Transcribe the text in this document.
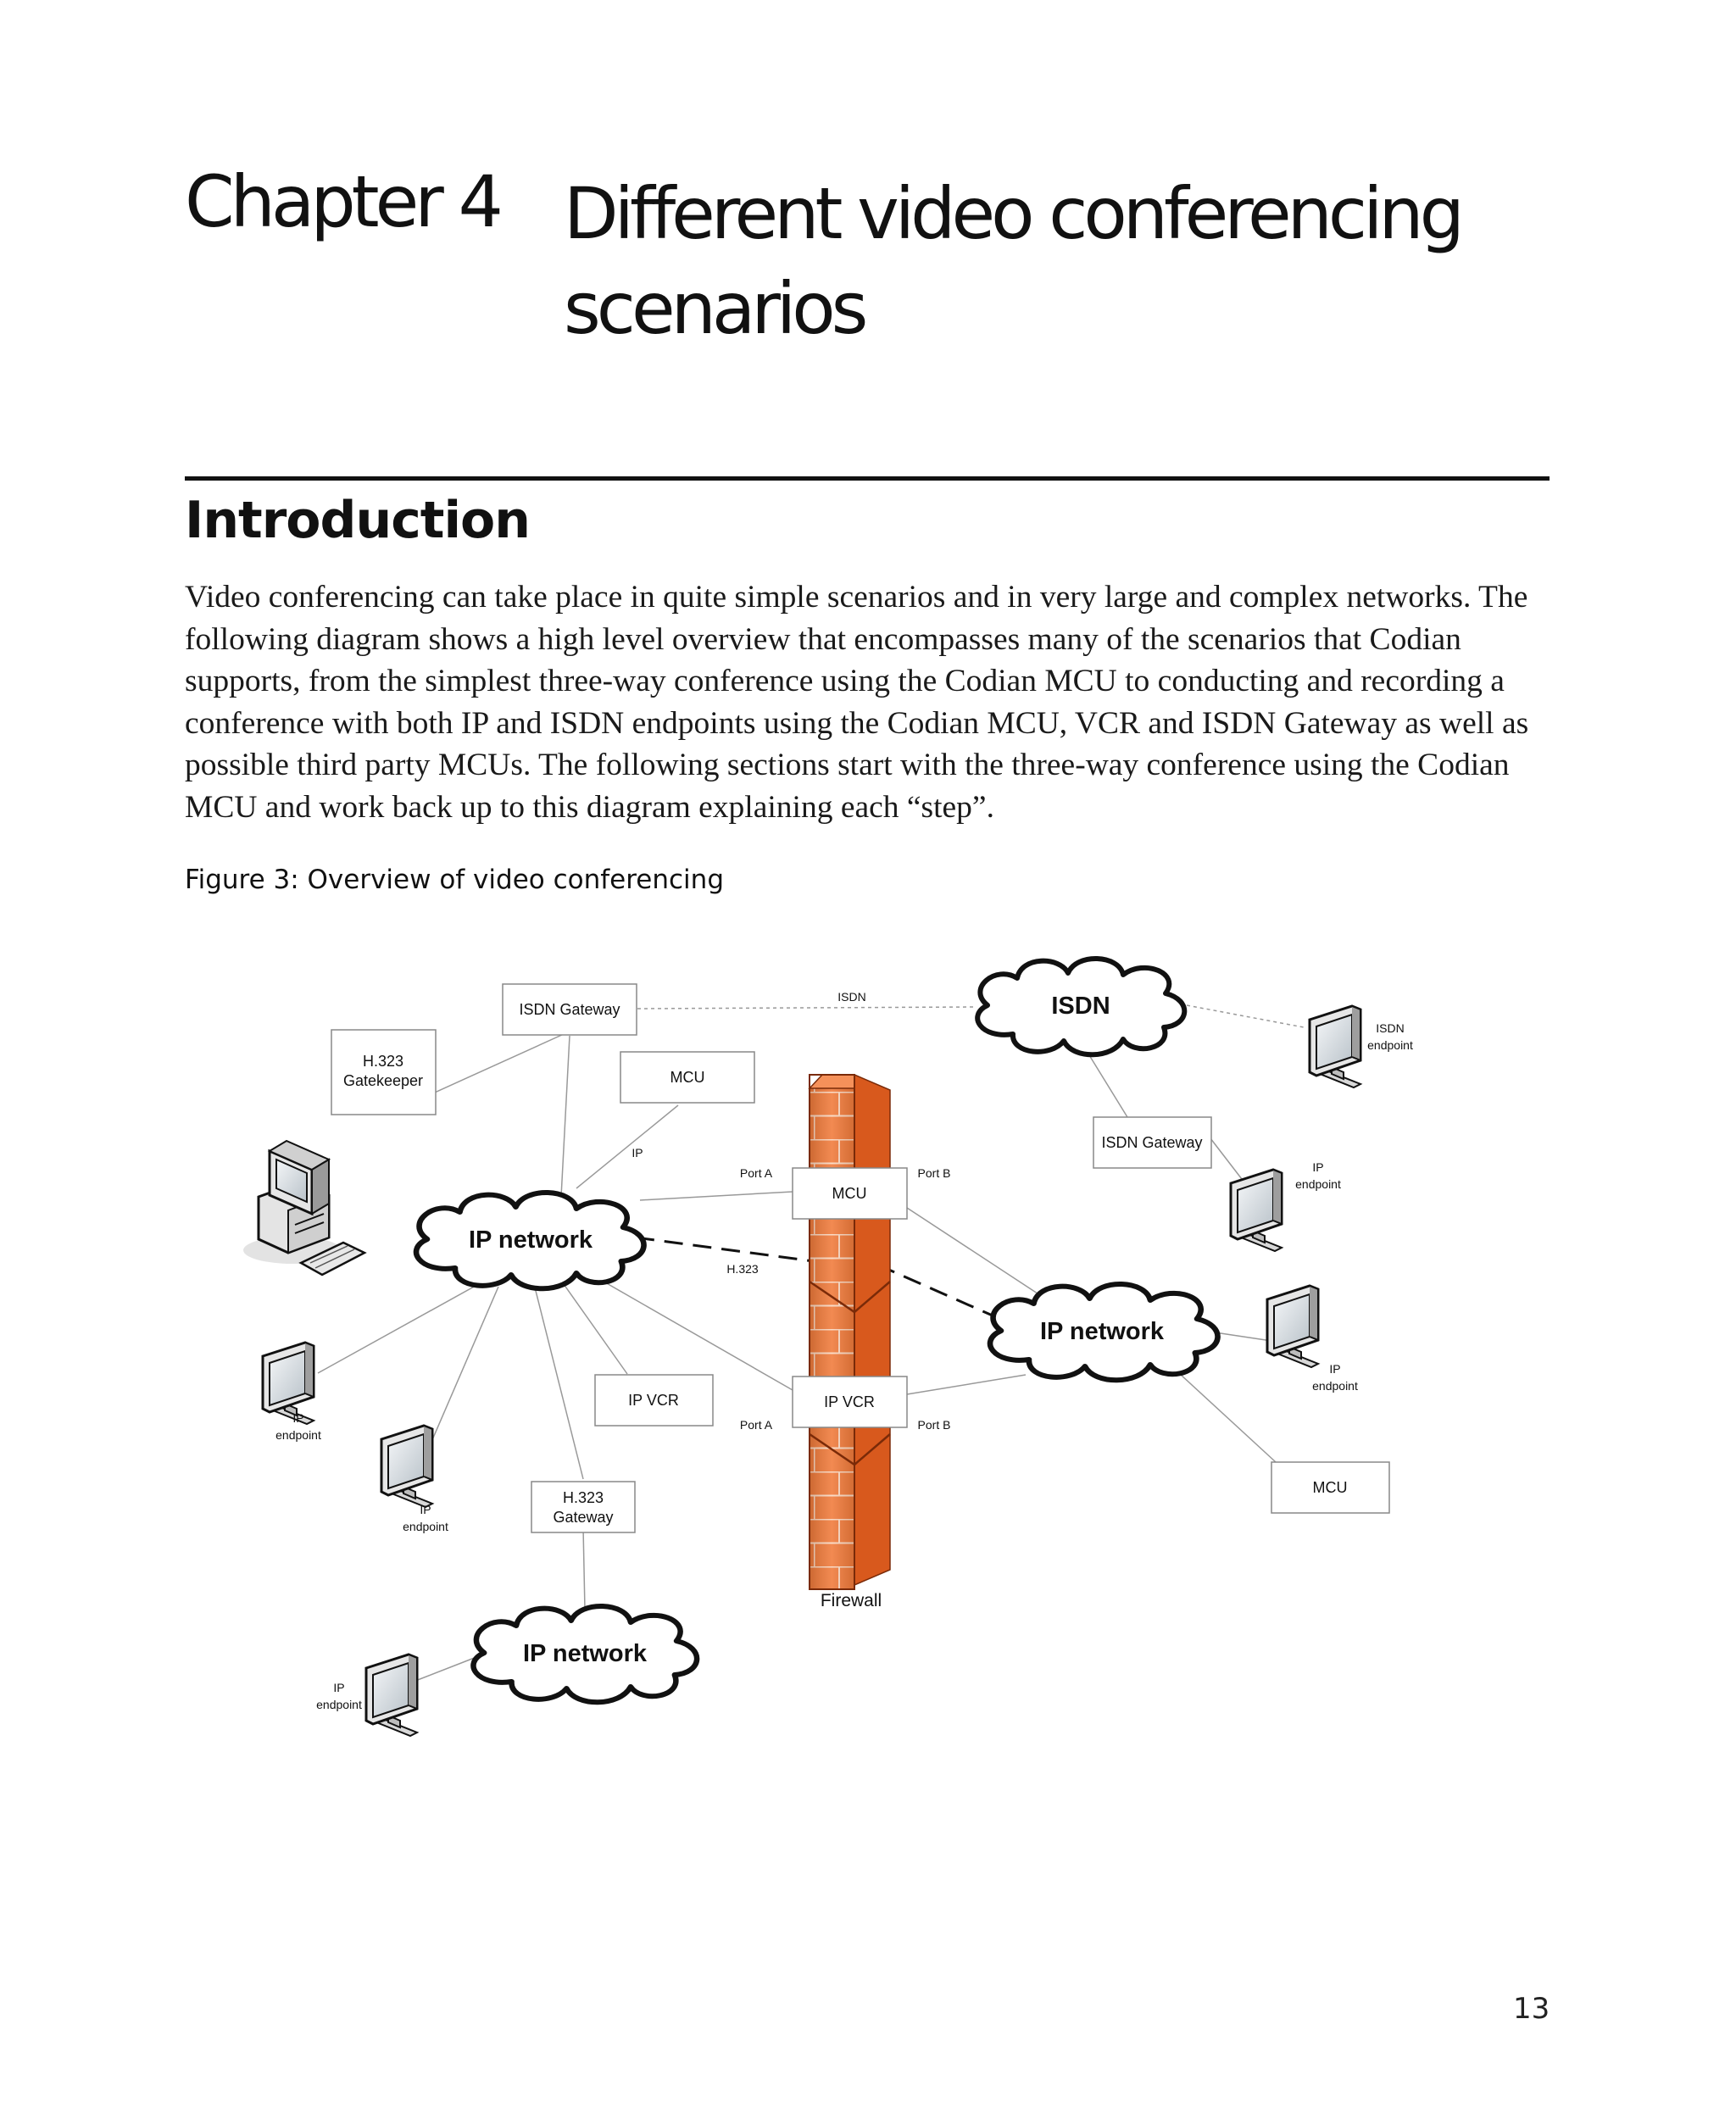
Chapter 4 Different video conferencing scenarios
Introduction

Video conferencing can take place in quite simple scenarios and in very large and complex networks. The
following diagram shows a high level overview that encompasses many of the scenarios that Codian
supports, from the simplest three-way conference using the Codian MCU to conducting and recording a
conference with both IP and ISDN endpoints using the Codian MCU, VCR and ISDN Gateway as well as
possible third party MCUs. The following sections start with the three-way conference using the Codian
MCU and work back up to this diagram explaining each “step”.

Figure 3: Overview of video conferencing

ISDN Gateway
H.323
Gatekeeper	MCU
ISDN Gateway
MCU
IP VCR	IP VCR
H.323
Gateway
MCU
ISDN
IP network
IP network
IP network
ISDN
IP
Port A	Port B
H.323
Port A	Port B
ISDN
endpoint
IP
endpoint
IP
endpoint
IP
endpoint
IP
endpoint
IP
endpoint
Firewall

13
